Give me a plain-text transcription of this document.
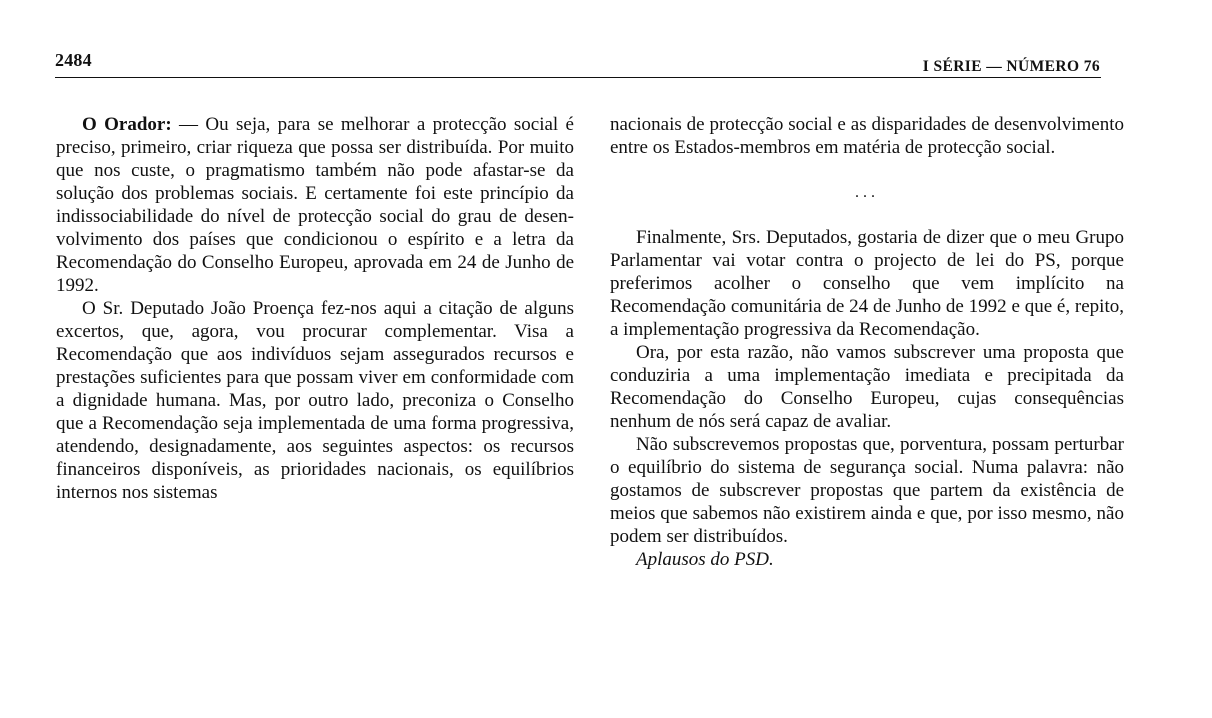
2484	I SÉRIE — NÚMERO 76

O Orador: — Ou seja, para se melhorar a protecção social é preciso, primeiro, criar riqueza que possa ser distribuída. Por muito que nos custe, o pragmatismo também não pode afastar-se da solução dos problemas sociais. E certamente foi este princípio da indissociabilidade do nível de protecção social do grau de desenvolvimento dos países que condicionou o espírito e a letra da Recomendação do Conselho Europeu, aprovada em 24 de Junho de 1992.

O Sr. Deputado João Proença fez-nos aqui a citação de alguns excertos, que, agora, vou procurar complementar. Visa a Recomendação que aos indivíduos sejam assegurados recursos e prestações suficientes para que possam viver em conformidade com a dignidade humana. Mas, por outro lado, preconiza o Conselho que a Recomendação seja implementada de uma forma progressiva, atendendo, designadamente, aos seguintes aspectos: os recursos financeiros disponíveis, as prioridades nacionais, os equilíbrios internos nos sistemas

nacionais de protecção social e as disparidades de desenvolvimento entre os Estados-membros em matéria de protecção social.

...

Finalmente, Srs. Deputados, gostaria de dizer que o meu Grupo Parlamentar vai votar contra o projecto de lei do PS, porque preferimos acolher o conselho que vem implícito na Recomendação comunitária de 24 de Junho de 1992 e que é, repito, a implementação progressiva da Recomendação.

Ora, por esta razão, não vamos subscrever uma proposta que conduziria a uma implementação imediata e precipitada da Recomendação do Conselho Europeu, cujas consequências nenhum de nós será capaz de avaliar.

Não subscrevemos propostas que, porventura, possam perturbar o equilíbrio do sistema de segurança social. Numa palavra: não gostamos de subscrever propostas que partem da existência de meios que sabemos não existirem ainda e que, por isso mesmo, não podem ser distribuídos.

Aplausos do PSD.
